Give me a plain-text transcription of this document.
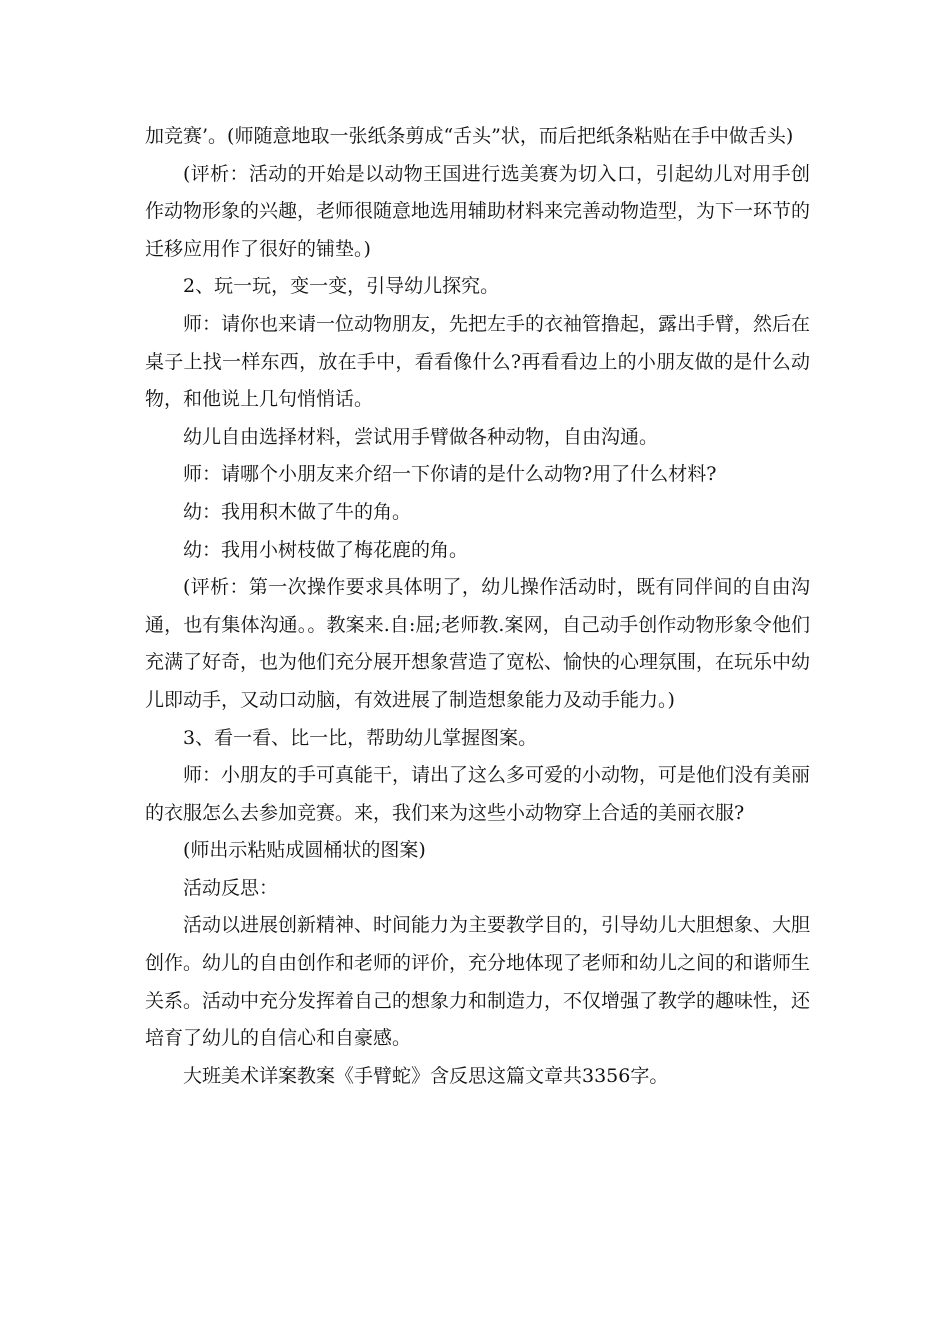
加竞赛’。(师随意地取一张纸条剪成“舌头”状，而后把纸条粘贴在手中做舌头)

(评析：活动的开始是以动物王国进行选美赛为切入口，引起幼儿对用手创作动物形象的兴趣，老师很随意地选用辅助材料来完善动物造型，为下一环节的迁移应用作了很好的铺垫。)

2、玩一玩，变一变，引导幼儿探究。

师：请你也来请一位动物朋友，先把左手的衣袖管撸起，露出手臂，然后在桌子上找一样东西，放在手中，看看像什么?再看看边上的小朋友做的是什么动物，和他说上几句悄悄话。

幼儿自由选择材料，尝试用手臂做各种动物，自由沟通。

师：请哪个小朋友来介绍一下你请的是什么动物?用了什么材料?

幼：我用积木做了牛的角。

幼：我用小树枝做了梅花鹿的角。

(评析：第一次操作要求具体明了，幼儿操作活动时，既有同伴间的自由沟通，也有集体沟通。。教案来.自:屈;老师教.案网，自己动手创作动物形象令他们充满了好奇，也为他们充分展开想象营造了宽松、愉快的心理氛围，在玩乐中幼儿即动手，又动口动脑，有效进展了制造想象能力及动手能力。)

3、看一看、比一比，帮助幼儿掌握图案。

师：小朋友的手可真能干，请出了这么多可爱的小动物，可是他们没有美丽的衣服怎么去参加竞赛。来，我们来为这些小动物穿上合适的美丽衣服?

(师出示粘贴成圆桶状的图案)

活动反思：

活动以进展创新精神、时间能力为主要教学目的，引导幼儿大胆想象、大胆创作。幼儿的自由创作和老师的评价，充分地体现了老师和幼儿之间的和谐师生关系。活动中充分发挥着自己的想象力和制造力，不仅增强了教学的趣味性，还培育了幼儿的自信心和自豪感。

大班美术详案教案《手臂蛇》含反思这篇文章共3356字。
